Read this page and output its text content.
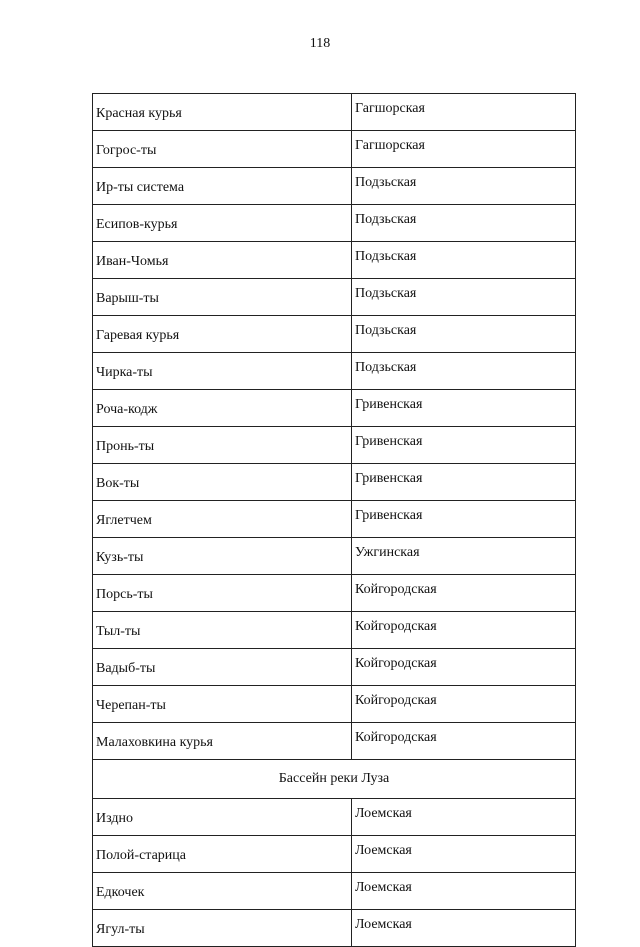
118
Красная курья	Гагшорская
Гогрос-ты	Гагшорская
Ир-ты система	Подзьская
Есипов-курья	Подзьская
Иван-Чомья	Подзьская
Варыш-ты	Подзьская
Гаревая курья	Подзьская
Чирка-ты	Подзьская
Роча-кодж	Гривенская
Пронь-ты	Гривенская
Вок-ты	Гривенская
Яглетчем	Гривенская
Кузь-ты	Ужгинская
Порсь-ты	Койгородская
Тыл-ты	Койгородская
Вадыб-ты	Койгородская
Черепан-ты	Койгородская
Малаховкина курья	Койгородская
Бассейн реки Луза	
Издно	Лоемская
Полой-старица	Лоемская
Едкочек	Лоемская
Ягул-ты	Лоемская
